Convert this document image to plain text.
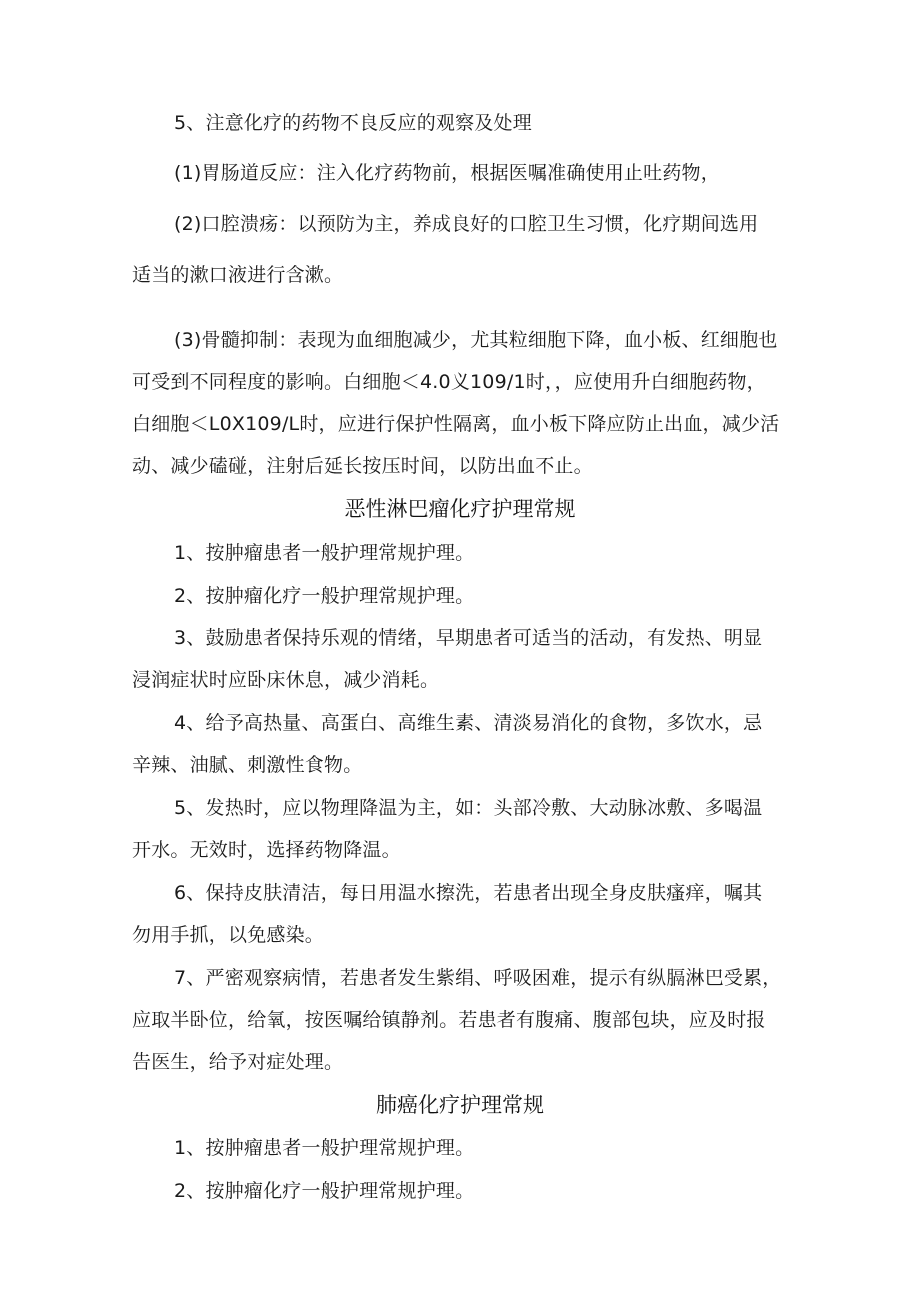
5、注意化疗的药物不良反应的观察及处理
(1)胃肠道反应：注入化疗药物前，根据医嘱准确使用止吐药物，
(2)口腔溃疡：以预防为主，养成良好的口腔卫生习惯，化疗期间选用
适当的漱口液进行含漱。
(3)骨髓抑制：表现为血细胞减少，尤其粒细胞下降，血小板、红细胞也
可受到不同程度的影响。白细胞＜4.0义109/1时，，应使用升白细胞药物，
白细胞＜L0X109/L时，应进行保护性隔离，血小板下降应防止出血，减少活
动、减少磕碰，注射后延长按压时间，以防出血不止。
恶性淋巴瘤化疗护理常规
1、按肿瘤患者一般护理常规护理。
2、按肿瘤化疗一般护理常规护理。
3、鼓励患者保持乐观的情绪，早期患者可适当的活动，有发热、明显
浸润症状时应卧床休息，减少消耗。
4、给予高热量、高蛋白、高维生素、清淡易消化的食物，多饮水，忌
辛辣、油腻、刺激性食物。
5、发热时，应以物理降温为主，如：头部冷敷、大动脉冰敷、多喝温
开水。无效时，选择药物降温。
6、保持皮肤清洁，每日用温水擦洗，若患者出现全身皮肤瘙痒，嘱其
勿用手抓，以免感染。
7、严密观察病情，若患者发生紫绢、呼吸困难，提示有纵膈淋巴受累，
应取半卧位，给氧，按医嘱给镇静剂。若患者有腹痛、腹部包块，应及时报
告医生，给予对症处理。
肺癌化疗护理常规
1、按肿瘤患者一般护理常规护理。
2、按肿瘤化疗一般护理常规护理。
